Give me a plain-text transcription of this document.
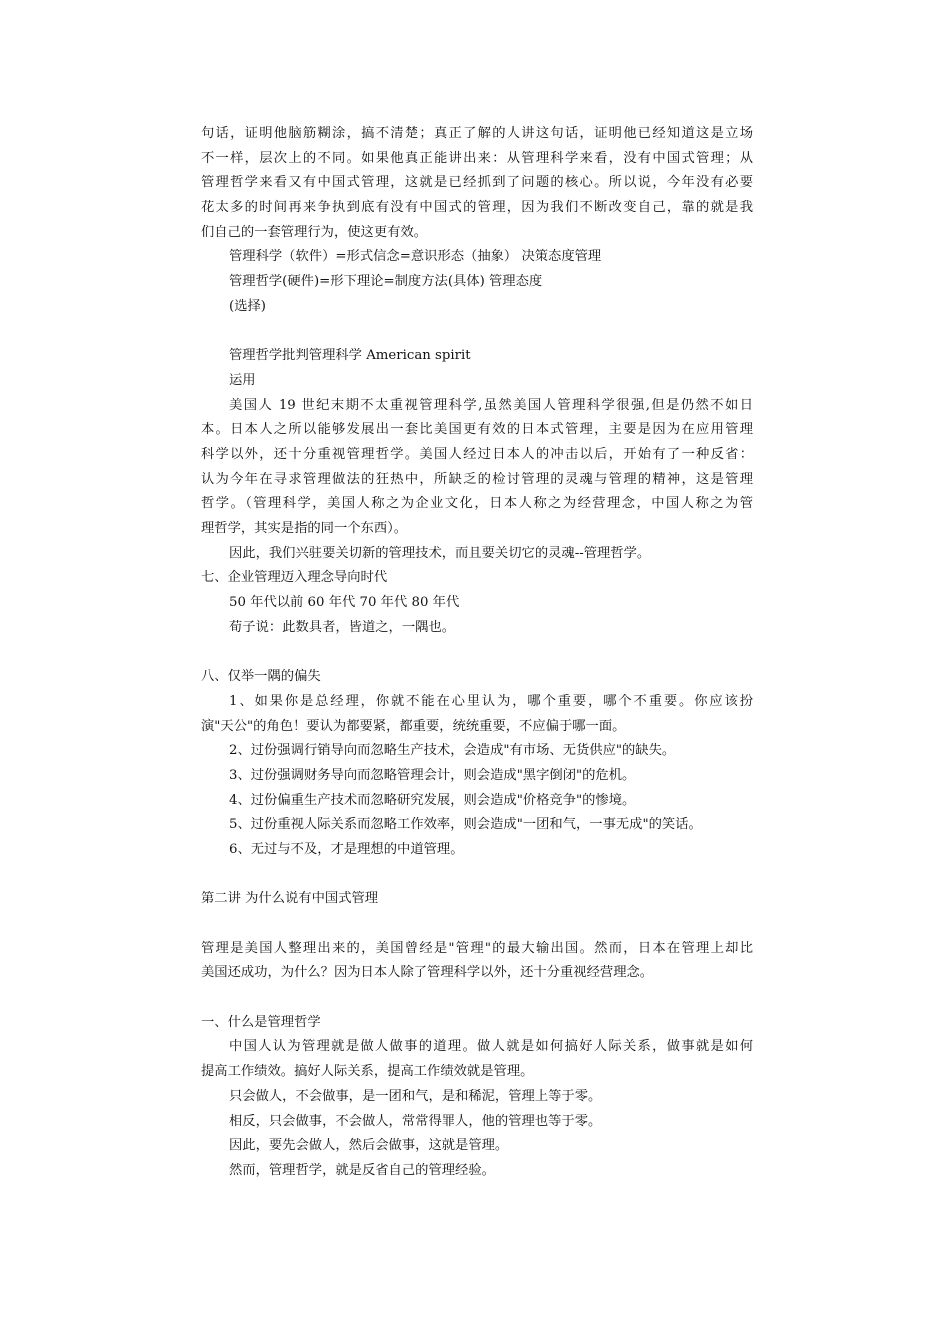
句话，证明他脑筋糊涂，搞不清楚；真正了解的人讲这句话，证明他已经知道这是立场
不一样，层次上的不同。如果他真正能讲出来：从管理科学来看，没有中国式管理；从
管理哲学来看又有中国式管理，这就是已经抓到了问题的核心。所以说，今年没有必要
花太多的时间再来争执到底有没有中国式的管理，因为我们不断改变自己，靠的就是我
们自己的一套管理行为，使这更有效。
管理科学（软件）=形式信念=意识形态（抽象） 决策态度管理
管理哲学(硬件)=形下理论=制度方法(具体) 管理态度
(选择)
管理哲学批判管理科学 American spirit
运用
美国人 19 世纪末期不太重视管理科学,虽然美国人管理科学很强,但是仍然不如日
本。日本人之所以能够发展出一套比美国更有效的日本式管理，主要是因为在应用管理
科学以外，还十分重视管理哲学。美国人经过日本人的冲击以后，开始有了一种反省：
认为今年在寻求管理做法的狂热中，所缺乏的检讨管理的灵魂与管理的精神，这是管理
哲学。（管理科学，美国人称之为企业文化，日本人称之为经营理念，中国人称之为管
理哲学，其实是指的同一个东西）。
因此，我们兴驻要关切新的管理技术，而且要关切它的灵魂--管理哲学。
七、企业管理迈入理念导向时代
50 年代以前 60 年代 70 年代 80 年代
荀子说：此数具者，皆道之，一隅也。
八、仅举一隅的偏失
1、如果你是总经理，你就不能在心里认为，哪个重要，哪个不重要。你应该扮
演"天公"的角色！要认为都要紧，都重要，统统重要，不应偏于哪一面。
2、过份强调行销导向而忽略生产技术，会造成"有市场、无货供应"的缺失。
3、过份强调财务导向而忽略管理会计，则会造成"黑字倒闭"的危机。
4、过份偏重生产技术而忽略研究发展，则会造成"价格竞争"的惨境。
5、过份重视人际关系而忽略工作效率，则会造成"一团和气，一事无成"的笑话。
6、无过与不及，才是理想的中道管理。
第二讲 为什么说有中国式管理
管理是美国人整理出来的，美国曾经是"管理"的最大输出国。然而，日本在管理上却比
美国还成功，为什么？因为日本人除了管理科学以外，还十分重视经营理念。
一、什么是管理哲学
中国人认为管理就是做人做事的道理。做人就是如何搞好人际关系，做事就是如何
提高工作绩效。搞好人际关系，提高工作绩效就是管理。
只会做人，不会做事，是一团和气，是和稀泥，管理上等于零。
相反，只会做事，不会做人，常常得罪人，他的管理也等于零。
因此，要先会做人，然后会做事，这就是管理。
然而，管理哲学，就是反省自己的管理经验。
